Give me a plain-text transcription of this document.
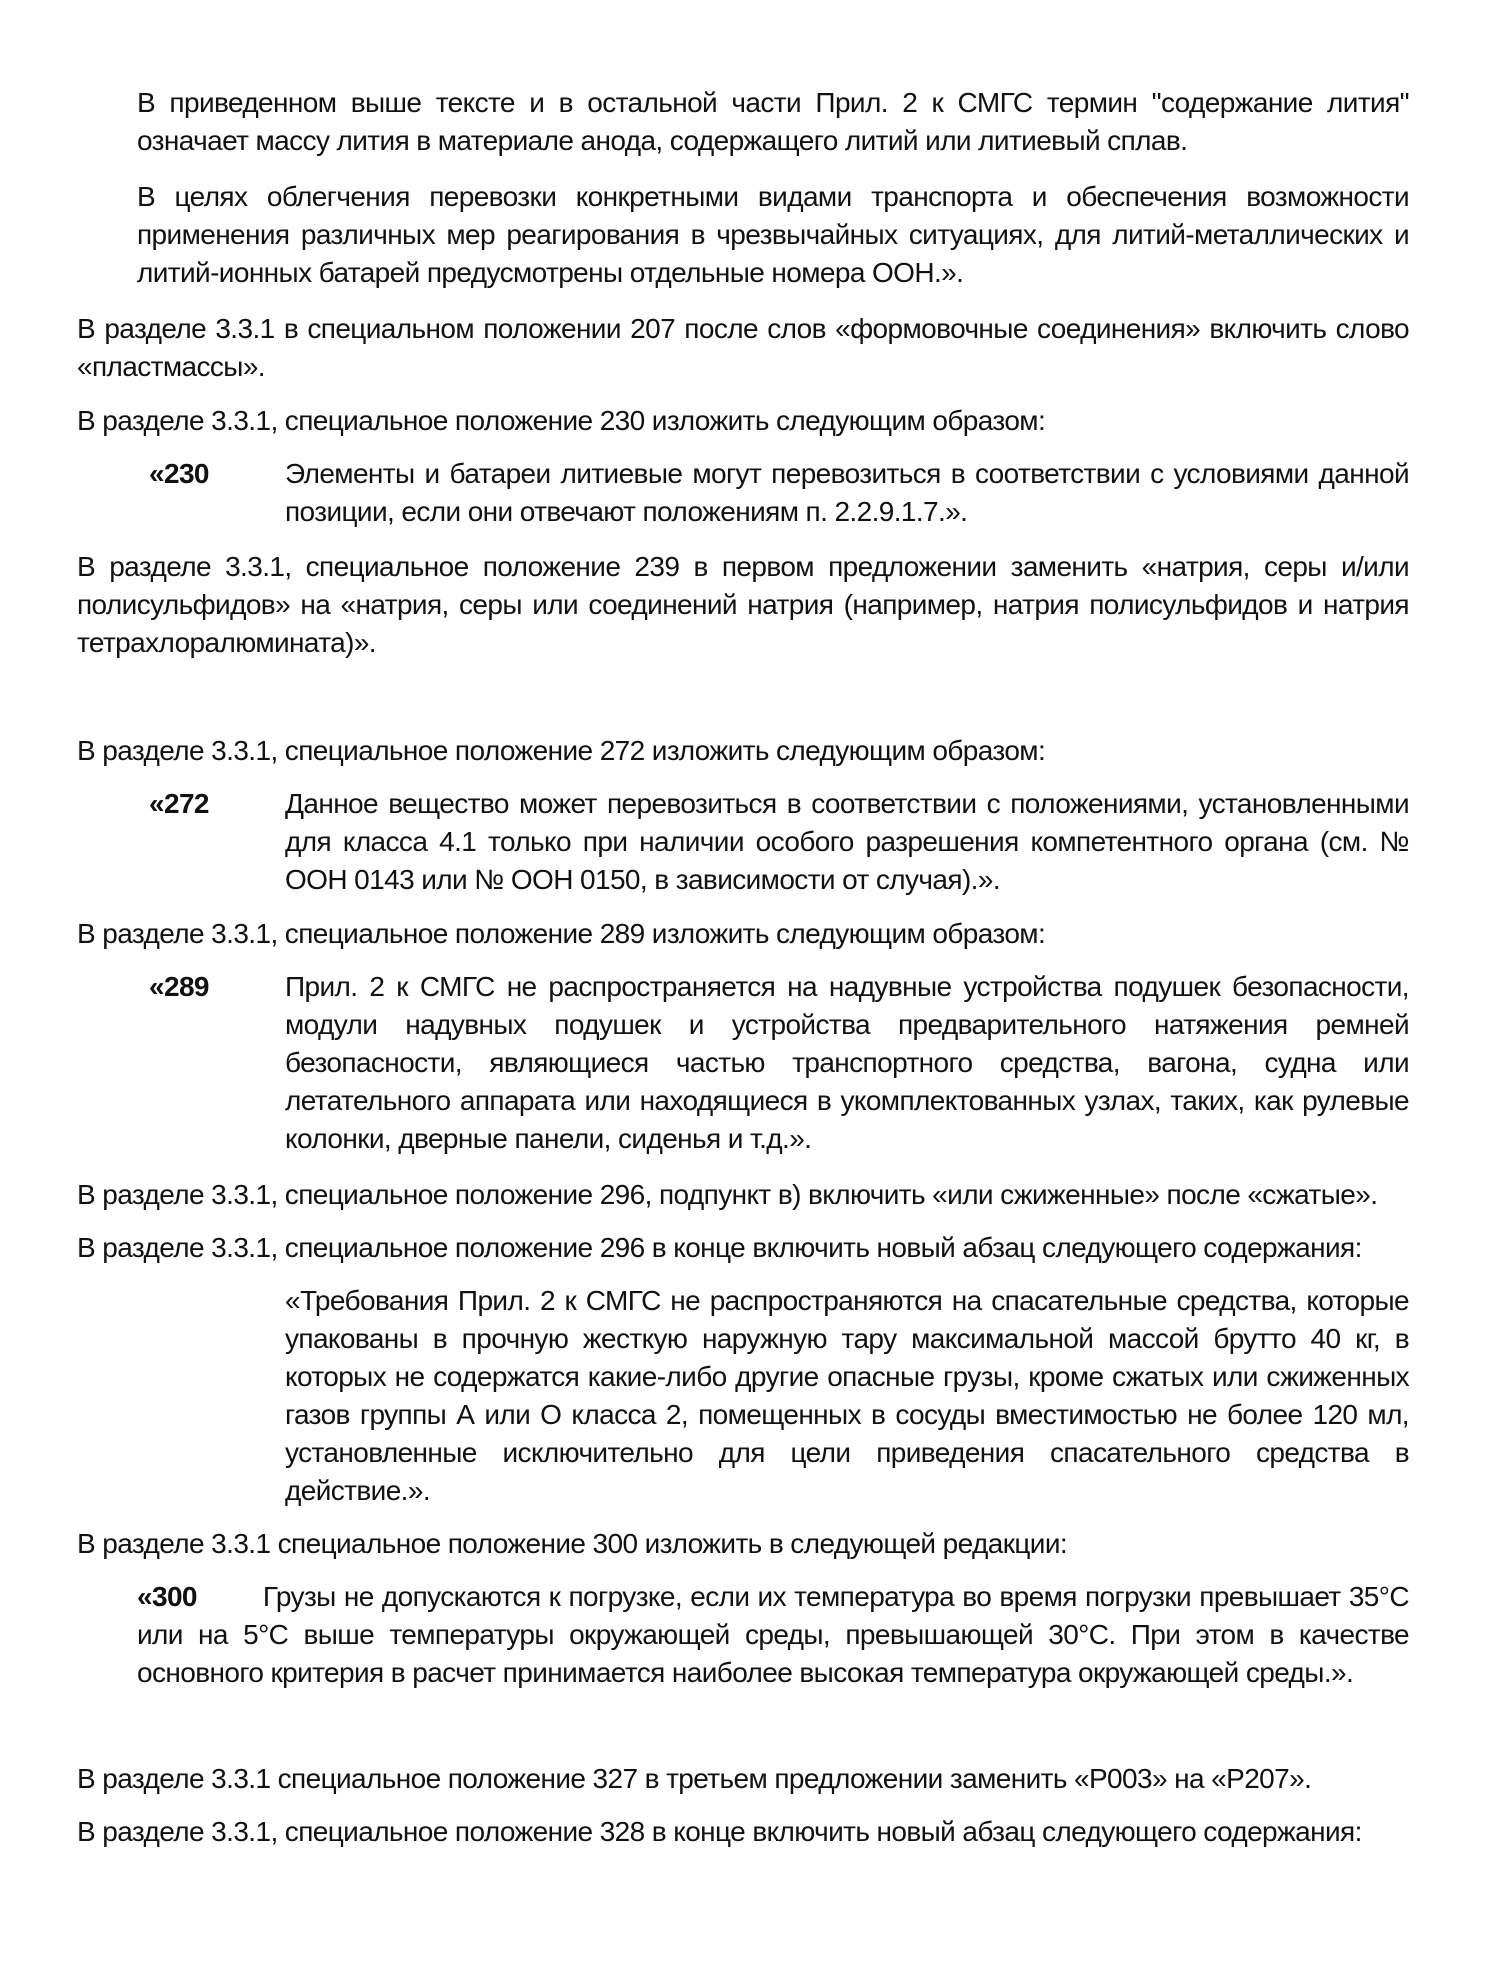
В приведенном выше тексте и в остальной части Прил. 2 к СМГС термин "содержание лития" означает массу лития в материале анода, содержащего литий или литиевый сплав.

В целях облегчения перевозки конкретными видами транспорта и обеспечения возможности применения различных мер реагирования в чрезвычайных ситуациях, для литий-металлических и литий-ионных батарей предусмотрены отдельные номера ООН.».

В разделе 3.3.1 в специальном положении 207 после слов «формовочные соединения» включить слово «пластмассы».

В разделе 3.3.1, специальное положение 230 изложить следующим образом:

«230	Элементы и батареи литиевые могут перевозиться в соответствии с условиями данной позиции, если они отвечают положениям п. 2.2.9.1.7.».

В разделе 3.3.1, специальное положение 239 в первом предложении заменить «натрия, серы и/или полисульфидов» на «натрия, серы или соединений натрия (например, натрия полисульфидов и натрия тетрахлоралюмината)».

В разделе 3.3.1, специальное положение 272 изложить следующим образом:

«272	Данное вещество может перевозиться в соответствии с положениями, установленными для класса 4.1 только при наличии особого разрешения компетентного органа (см. № ООН 0143 или № ООН 0150, в зависимости от случая).».

В разделе 3.3.1, специальное положение 289 изложить следующим образом:

«289	Прил. 2 к СМГС не распространяется на надувные устройства подушек безопасности, модули надувных подушек и устройства предварительного натяжения ремней безопасности, являющиеся частью транспортного средства, вагона, судна или летательного аппарата или находящиеся в укомплектованных узлах, таких, как рулевые колонки, дверные панели, сиденья и т.д.».

В разделе 3.3.1, специальное положение 296, подпункт в) включить «или сжиженные» после «сжатые».

В разделе 3.3.1, специальное положение 296 в конце включить новый абзац следующего содержания:

«Требования Прил. 2 к СМГС не распространяются на спасательные средства, которые упакованы в прочную жесткую наружную тару максимальной массой брутто 40 кг, в которых не содержатся какие-либо другие опасные грузы, кроме сжатых или сжиженных газов группы А или О класса 2, помещенных в сосуды вместимостью не более 120 мл, установленные исключительно для цели приведения спасательного средства в действие.».

В разделе 3.3.1 специальное положение 300 изложить в следующей редакции:

«300 Грузы не допускаются к погрузке, если их температура во время погрузки превышает 35°С или на 5°С выше температуры окружающей среды, превышающей 30°С. При этом в качестве основного критерия в расчет принимается наиболее высокая температура окружающей среды.».

В разделе 3.3.1 специальное положение 327 в третьем предложении заменить «Р003» на «Р207».

В разделе 3.3.1, специальное положение 328 в конце включить новый абзац следующего содержания:
